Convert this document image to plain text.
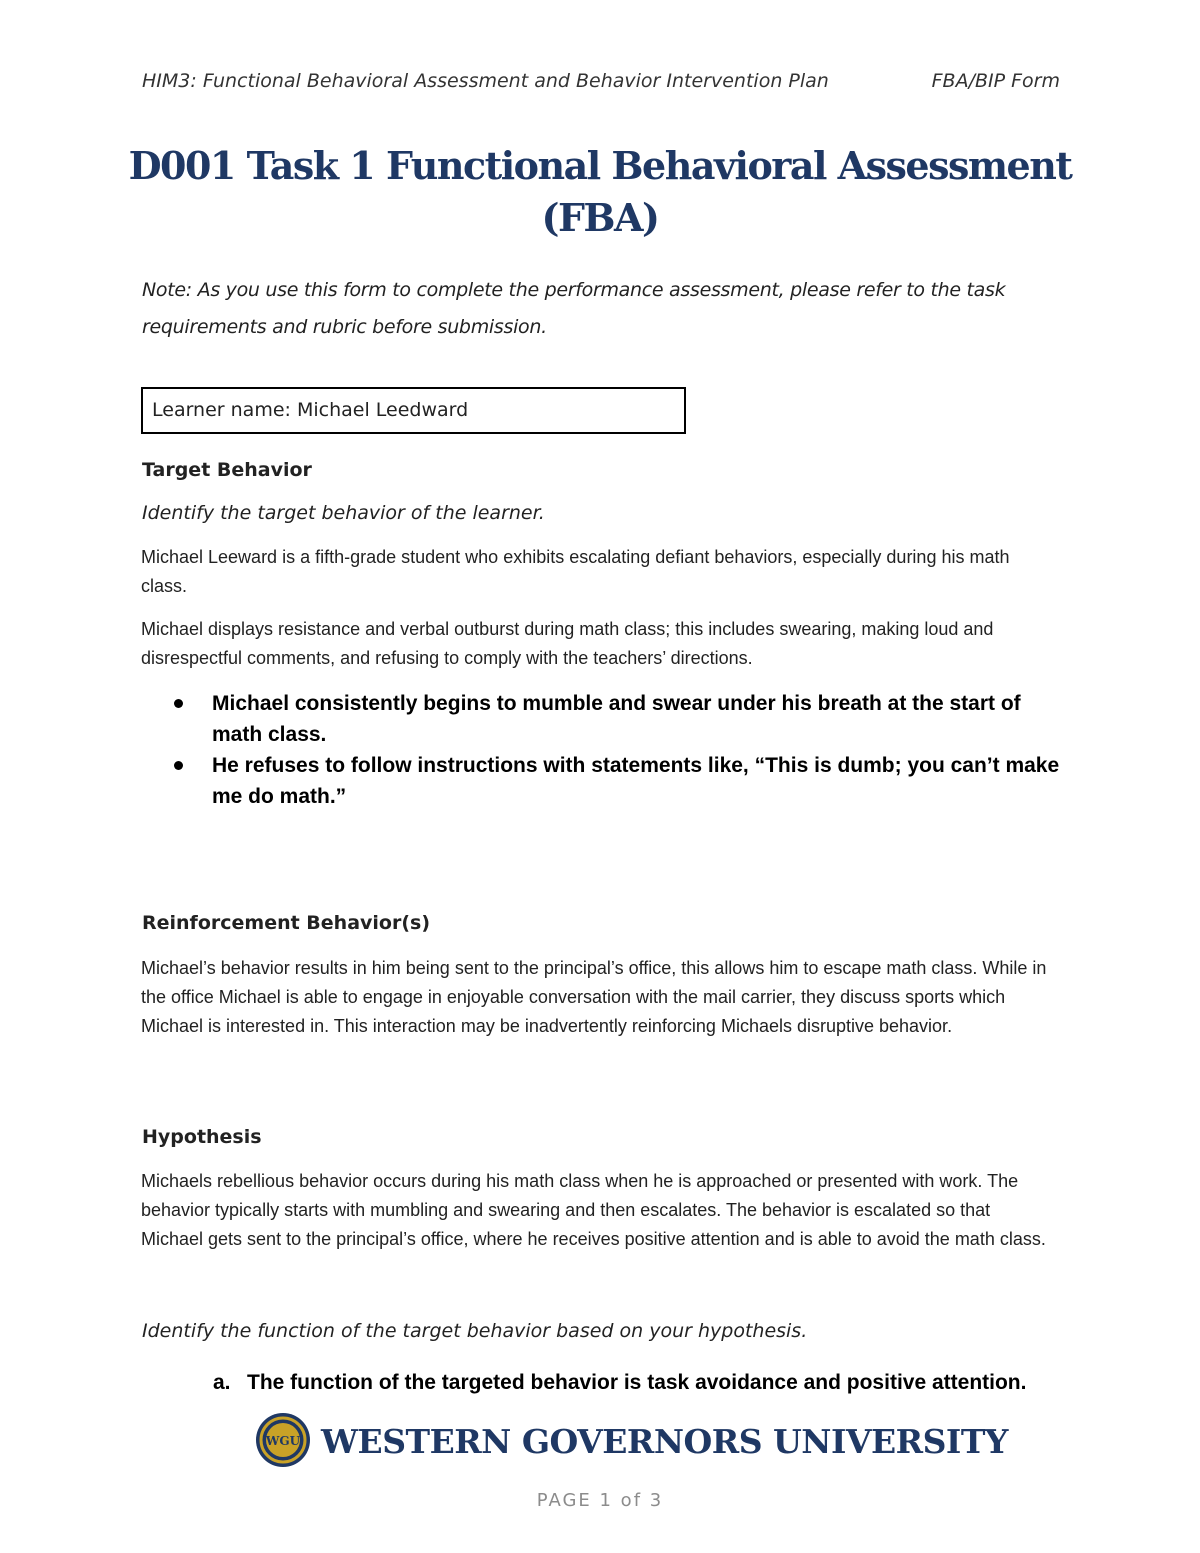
HIM3: Functional Behavioral Assessment and Behavior Intervention Plan	FBA/BIP Form
D001 Task 1 Functional Behavioral Assessment
(FBA)
Note: As you use this form to complete the performance assessment, please refer to the task requirements and rubric before submission.
Learner name: Michael Leedward
Target Behavior
Identify the target behavior of the learner.
Michael Leeward is a fifth-grade student who exhibits escalating defiant behaviors, especially during his math class.
Michael displays resistance and verbal outburst during math class; this includes swearing, making loud and disrespectful comments, and refusing to comply with the teachers’ directions.
Michael consistently begins to mumble and swear under his breath at the start of math class.
He refuses to follow instructions with statements like, “This is dumb; you can’t make me do math.”
Reinforcement Behavior(s)
Michael’s behavior results in him being sent to the principal’s office, this allows him to escape math class. While in the office Michael is able to engage in enjoyable conversation with the mail carrier, they discuss sports which Michael is interested in. This interaction may be inadvertently reinforcing Michaels disruptive behavior.
Hypothesis
Michaels rebellious behavior occurs during his math class when he is approached or presented with work. The behavior typically starts with mumbling and swearing and then escalates. The behavior is escalated so that Michael gets sent to the principal’s office, where he receives positive attention and is able to avoid the math class.
Identify the function of the target behavior based on your hypothesis.
a. The function of the targeted behavior is task avoidance and positive attention.
WGU WESTERN GOVERNORS UNIVERSITY
PAGE 1 of 3
